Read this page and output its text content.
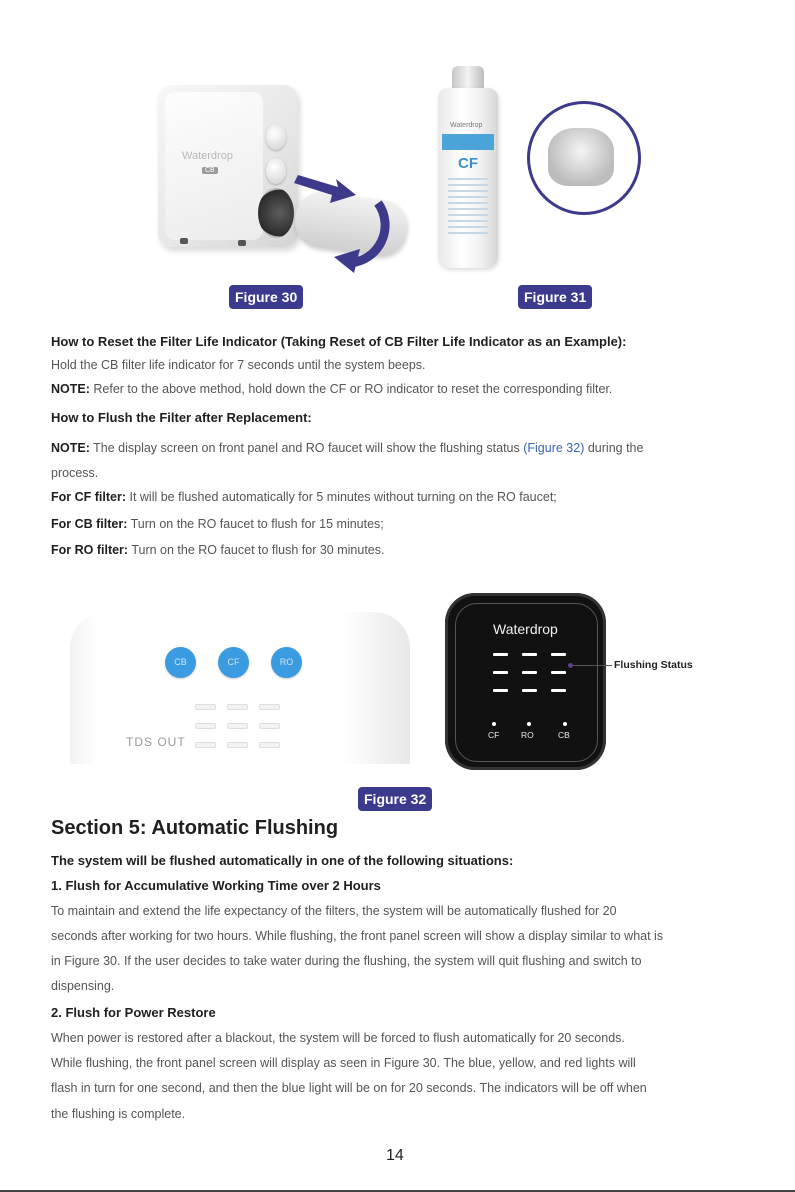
Waterdrop
CB
Waterdrop
CF
Figure 30	Figure 31
How to Reset the Filter Life Indicator (Taking Reset of CB Filter Life Indicator as an Example):
Hold the CB filter life indicator for 7 seconds until the system beeps.
NOTE: Refer to the above method, hold down the CF or RO indicator to reset the corresponding filter.
How to Flush the Filter after Replacement:
NOTE: The display screen on front panel and RO faucet will show the flushing status (Figure 32) during the
process.
For CF filter: It will be flushed automatically for 5 minutes without turning on the RO faucet;
For CB filter: Turn on the RO faucet to flush for 15 minutes;
For RO filter: Turn on the RO faucet to flush for 30 minutes.
CB	CF	RO
TDS OUT
Waterdrop
CF	RO	CB
Flushing Status
Figure 32
Section 5: Automatic Flushing
The system will be flushed automatically in one of the following situations:
1. Flush for Accumulative Working Time over 2 Hours
To maintain and extend the life expectancy of the filters, the system will be automatically flushed for 20
seconds after working for two hours. While flushing, the front panel screen will show a display similar to what is
in Figure 30. If the user decides to take water during the flushing, the system will quit flushing and switch to
dispensing.
2. Flush for Power Restore
When power is restored after a blackout, the system will be forced to flush automatically for 20 seconds.
While flushing, the front panel screen will display as seen in Figure 30. The blue, yellow, and red lights will
flash in turn for one second, and then the blue light will be on for 20 seconds. The indicators will be off when
the flushing is complete.
14
